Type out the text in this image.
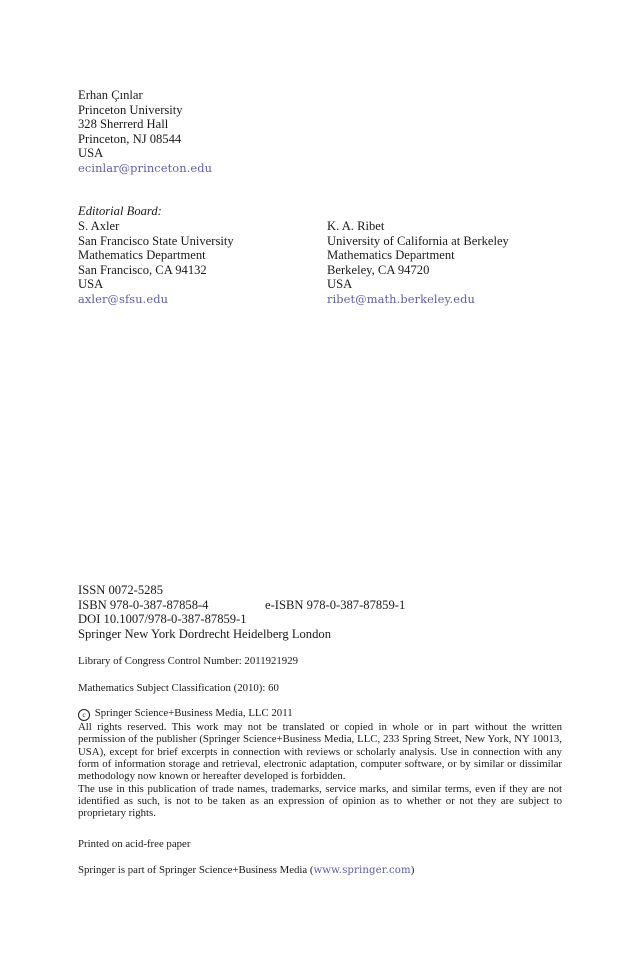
Erhan Çınlar
Princeton University
328 Sherrerd Hall
Princeton, NJ 08544
USA
ecinlar@princeton.edu
Editorial Board:
S. Axler
San Francisco State University
Mathematics Department
San Francisco, CA 94132
USA
axler@sfsu.edu
K. A. Ribet
University of California at Berkeley
Mathematics Department
Berkeley, CA 94720
USA
ribet@math.berkeley.edu
ISSN 0072-5285
ISBN 978-0-387-87858-4	e-ISBN 978-0-387-87859-1
DOI 10.1007/978-0-387-87859-1
Springer New York Dordrecht Heidelberg London
Library of Congress Control Number: 2011921929
Mathematics Subject Classification (2010): 60
c Springer Science+Business Media, LLC 2011

All rights reserved. This work may not be translated or copied in whole or in part without the written permission of the publisher (Springer Science+Business Media, LLC, 233 Spring Street, New York, NY 10013, USA), except for brief excerpts in connection with reviews or scholarly analysis. Use in connection with any form of information storage and retrieval, electronic adaptation, computer software, or by similar or dissimilar methodology now known or hereafter developed is forbidden.

The use in this publication of trade names, trademarks, service marks, and similar terms, even if they are not identified as such, is not to be taken as an expression of opinion as to whether or not they are subject to proprietary rights.

Printed on acid-free paper
Springer is part of Springer Science+Business Media (www.springer.com)
